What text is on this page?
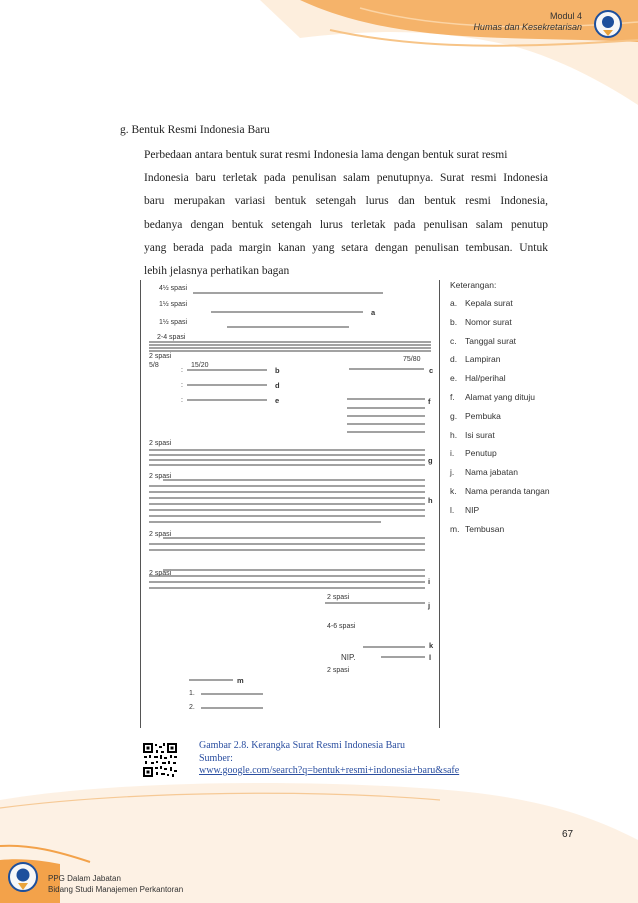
Modul 4
Humas dan Kesekretarisan
g. Bentuk Resmi Indonesia Baru
Perbedaan antara bentuk surat resmi Indonesia lama dengan bentuk surat resmi
Indonesia baru terletak pada penulisan salam penutupnya. Surat resmi Indonesia
baru merupakan variasi bentuk setengah lurus dan bentuk resmi Indonesia,
bedanya dengan bentuk setengah lurus terletak pada penulisan salam penutup
yang berada pada margin kanan yang setara dengan penulisan tembusan. Untuk
lebih jelasnya perhatikan bagan
4½ spasi
1½ spasi
1½ spasi
2-4 spasi
2 spasi
5/8	15/20
75/80
:
:
:
2 spasi
2 spasi
2 spasi
2 spasi
2 spasi
4-6 spasi
2 spasi
NIP.
1.
2.
a
b	c
d
e	f
g
h
i
j
k
l
m
Keterangan:
a. Kepala surat
b. Nomor surat
c. Tanggal surat
d. Lampiran
e. Hal/perihal
f. Alamat yang dituju
g. Pembuka
h. Isi surat
i. Penutup
j. Nama jabatan
k. Nama peranda tangan
l. NIP
m. Tembusan
Gambar 2.8. Kerangka Surat Resmi Indonesia Baru
Sumber:
www.google.com/search?q=bentuk+resmi+indonesia+baru&safe
67
PPG Dalam Jabatan
Bidang Studi Manajemen Perkantoran
